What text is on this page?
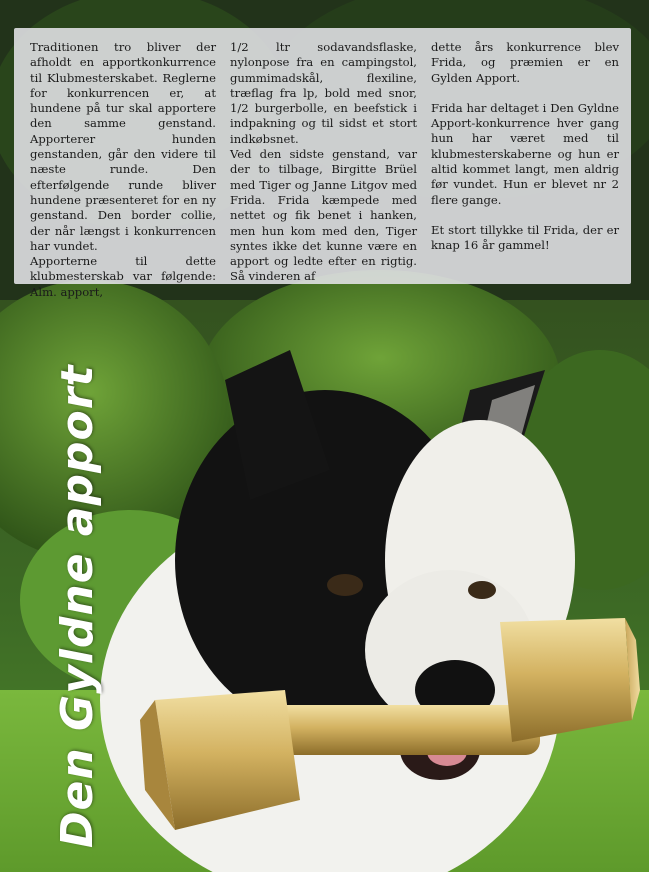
Traditionen tro bliver der afholdt en apportkonkurrence til Klubmesterskabet. Reglerne for konkurrencen er, at hundene på tur skal apportere den samme genstand. Apporterer hunden genstanden, går den videre til næste runde. Den efterfølgende runde bliver hundene præsenteret for en ny genstand. Den border collie, der når længst i konkurrencen har vundet.

Apporterne til dette klubmesterskab var følgende: Alm. apport,

1/2 ltr sodavandsflaske, nylonpose fra en campingstol, gummimadskål, flexiline, træflag fra lp, bold med snor, 1/2 burgerbolle, en beefstick i indpakning og til sidst et stort indkøbsnet.

Ved den sidste genstand, var der to tilbage, Birgitte Brüel med Tiger og Janne Litgov med Frida. Frida kæmpede med nettet og fik benet i hanken, men hun kom med den, Tiger syntes ikke det kunne være en apport og ledte efter en rigtig. Så vinderen af

dette års konkurrence blev Frida, og præmien er en Gylden Apport.

Frida har deltaget i Den Gyldne Apport-konkurrence hver gang hun har været med til klubmesterskaberne og hun er altid kommet langt, men aldrig før vundet. Hun er blevet nr 2 flere gange.

Et stort tillykke til Frida, der er knap 16 år gammel!

Den Gyldne apport
